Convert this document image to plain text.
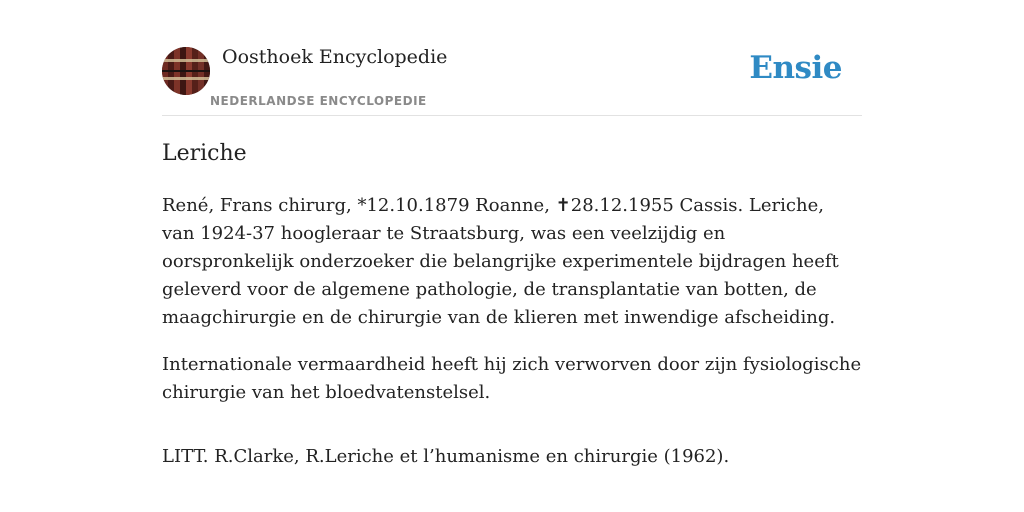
Oosthoek Encyclopedie
NEDERLANDSE ENCYCLOPEDIE
Ensie
Leriche

René, Frans chirurg, *12.10.1879 Roanne, ✝28.12.1955 Cassis. Leriche, van 1924-37 hoogleraar te Straatsburg, was een veelzijdig en oorspronkelijk onderzoeker die belangrijke experimentele bijdragen heeft geleverd voor de algemene pathologie, de transplantatie van botten, de maagchirurgie en de chirurgie van de klieren met inwendige afscheiding.

Internationale vermaardheid heeft hij zich verworven door zijn fysiologische chirurgie van het bloedvatenstelsel.

LITT. R.Clarke, R.Leriche et l’humanisme en chirurgie (1962).
